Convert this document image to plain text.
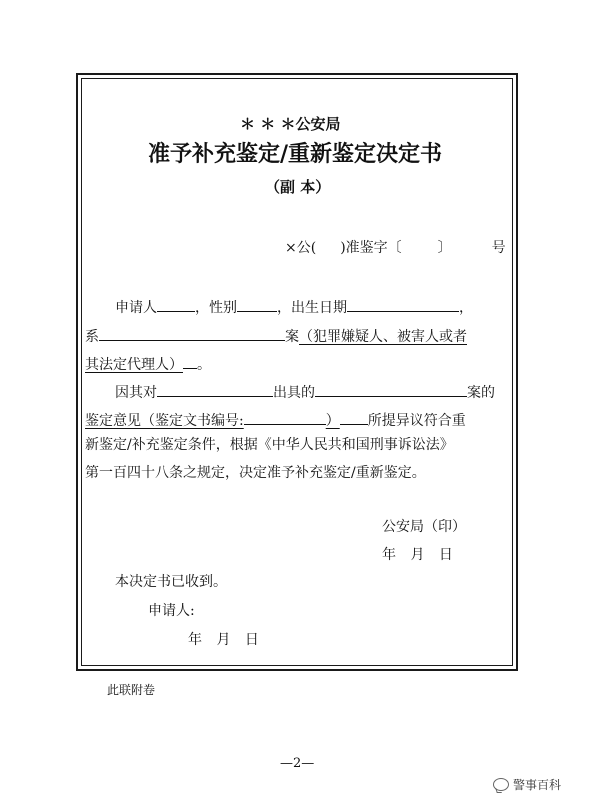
＊ ＊ ＊公安局
准予补充鉴定/重新鉴定决定书
（副 本）
×公( )准鉴字〔	〕	号
申请人	，性别	，出生日期	，
系	案（犯罪嫌疑人、被害人或者
其法定代理人） 。
因其对	出具的	案的
鉴定意见（鉴定文书编号:	） 所提异议符合重
新鉴定/补充鉴定条件，根据《中华人民共和国刑事诉讼法》
第一百四十八条之规定，决定准予补充鉴定/重新鉴定。
公安局（印）
年 月 日
本决定书已收到。
申请人:
年 月 日
此联附卷
—2—
警事百科
